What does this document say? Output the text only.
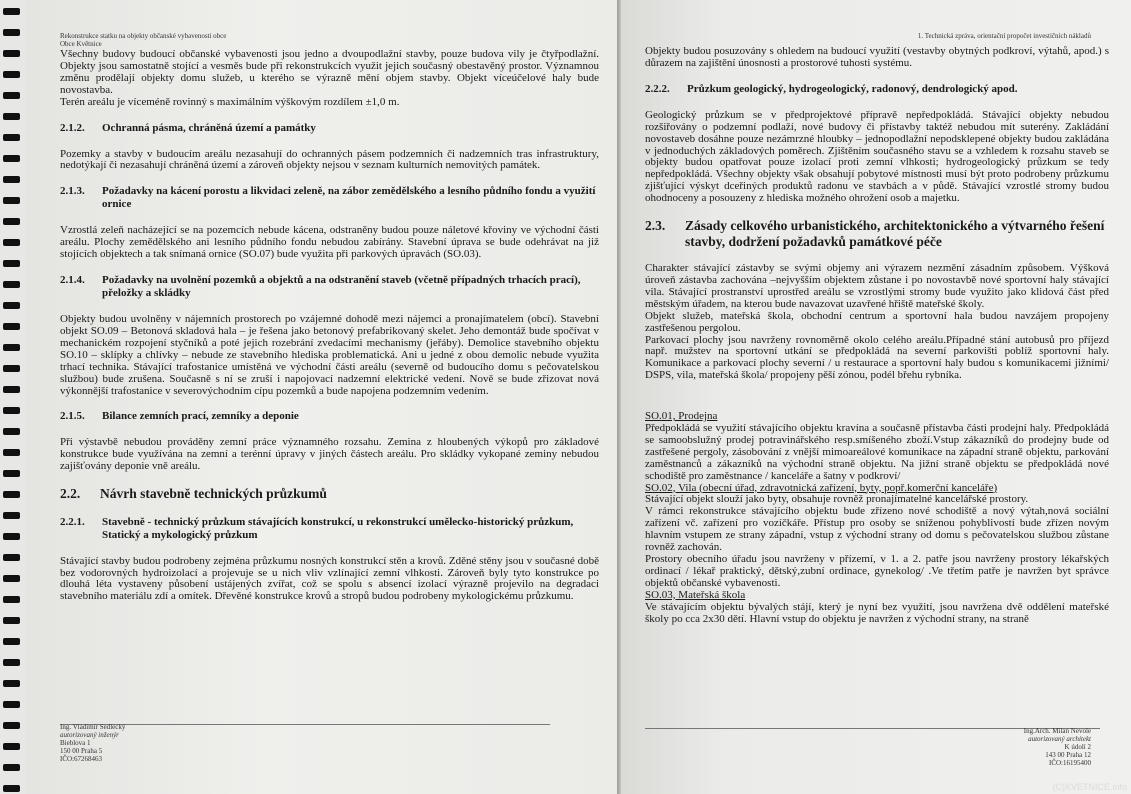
Rekonstrukce statku na objekty občanské vybavenosti obce
Obce Květnice

Všechny budovy budoucí občanské vybavenosti jsou jedno a dvoupodlažní stavby, pouze budova vily je čtyřpodlažní. Objekty jsou samostatně stojící a vesměs bude při rekonstrukcích využit jejich současný obestavěný prostor. Významnou změnu prodělají objekty domu služeb, u kterého se výrazně mění objem stavby. Objekt víceúčelové haly bude novostavba.

Terén areálu je víceméně rovinný s maximálním výškovým rozdílem ±1,0 m.

2.1.2.	Ochranná pásma, chráněná území a památky

Pozemky a stavby v budoucím areálu nezasahují do ochranných pásem podzemních či nadzemních tras infrastruktury, nedotýkají či nezasahují chráněná území a zároveň objekty nejsou v seznam kulturních nemovitých památek.

2.1.3.	Požadavky na kácení porostu a likvidaci zeleně, na zábor zemědělského a lesního půdního fondu a využití ornice

Vzrostlá zeleň nacházející se na pozemcích nebude kácena, odstraněny budou pouze náletové křoviny ve východní části areálu. Plochy zemědělského ani lesního půdního fondu nebudou zabírány. Stavební úprava se bude odehrávat na již stojících objektech a tak snímaná ornice (SO.07) bude využita při parkových úpravách (SO.03).

2.1.4.	Požadavky na uvolnění pozemků a objektů a na odstranění staveb (včetně případných trhacích prací), přeložky a skládky

Objekty budou uvolněny v nájemních prostorech po vzájemné dohodě mezi nájemci a pronajímatelem (obcí). Stavební objekt SO.09 – Betonová skladová hala – je řešena jako betonový prefabrikovaný skelet. Jeho demontáž bude spočívat v mechanickém rozpojení styčníků a poté jejich rozebrání zvedacími mechanismy (jeřáby). Demolice stavebního objektu SO.10 – sklípky a chlívky – nebude ze stavebního hlediska problematická. Ani u jedné z obou demolic nebude využita trhací technika. Stávající trafostanice umístěná ve východní části areálu (severně od budoucího domu s pečovatelskou službou) bude zrušena. Současně s ní se zruší i napojovací nadzemní elektrické vedení. Nově se bude zřizovat nová výkonnější trafostanice v severovýchodním cípu pozemků a bude napojena podzemním vedením.

2.1.5.	Bilance zemních prací, zemníky a deponie

Při výstavbě nebudou prováděny zemní práce významného rozsahu. Zemina z hloubených výkopů pro základové konstrukce bude využívána na zemní a terénní úpravy v jiných částech areálu. Pro skládky vykopané zeminy nebudou zajišťovány deponie vně areálu.

2.2.	Návrh stavebně technických průzkumů
2.2.1.	Stavebně - technický průzkum stávajících konstrukcí, u rekonstrukcí umělecko-historický průzkum, Statický a mykologický průzkum

Stávající stavby budou podrobeny zejména průzkumu nosných konstrukcí stěn a krovů. Zděné stěny jsou v současné době bez vodorovných hydroizolací a projevuje se u nich vliv vzlínající zemní vlhkosti. Zároveň byly tyto konstrukce po dlouhá léta vystaveny působení ustájených zvířat, což se spolu s absencí izolací výrazně projevilo na degradaci stavebního materiálu zdí a omítek. Dřevěné konstrukce krovů a stropů budou podrobeny mykologickému průzkumu.

Ing. Vladimír Sedlecký
autorizovaný inženýr
Bieblova 1
150 00 Praha 5
IČO:67268463
1. Technická zpráva, orientační propočet investičních nákladů

Objekty budou posuzovány s ohledem na budoucí využití (vestavby obytných podkroví, výtahů, apod.) s důrazem na zajištění únosnosti a prostorové tuhosti systému.

2.2.2.	Průzkum geologický, hydrogeologický, radonový, dendrologický apod.

Geologický průzkum se v předprojektové přípravě nepředpokládá. Stávající objekty nebudou rozšiřovány o podzemní podlaží, nové budovy či přístavby taktéž nebudou mít suterény. Zakládání novostaveb dosáhne pouze nezámrzné hloubky – jednopodlažní nepodsklepené objekty budou zakládána v jednoduchých základových poměrech. Zjištěním současného stavu se a vzhledem k rozsahu staveb se objekty budou opatřovat pouze izolací proti zemní vlhkosti; hydrogeologický průzkum se tedy nepředpokládá. Všechny objekty však obsahují pobytové místnosti musí být proto podrobeny průzkumu zjišťující výskyt dceřiných produktů radonu ve stavbách a v půdě. Stávající vzrostlé stromy budou ohodnoceny a posouzeny z hlediska možného ohrožení osob a majetku.

2.3.	Zásady celkového urbanistického, architektonického a výtvarného řešení stavby, dodržení požadavků památkové péče

Charakter stávající zástavby se svými objemy ani výrazem nezmění zásadním způsobem. Výšková úroveň zástavba zachována –nejvyšším objektem zůstane i po novostavbě nové sportovní haly stávající vila. Stávající prostranství uprostřed areálu se vzrostlými stromy bude využito jako klidová část před městským úřadem, na kterou bude navazovat uzavřené hřiště mateřské školy.

Objekt služeb, mateřská škola, obchodní centrum a sportovní hala budou navzájem propojeny zastřešenou pergolou.

Parkovací plochy jsou navrženy rovnoměrně okolo celého areálu.Případné stání autobusů pro příjezd např. mužstev na sportovní utkání se předpokládá na severní parkovišti poblíž sportovní haly. Komunikace a parkovací plochy severní / u restaurace a sportovní haly budou s komunikacemi jižními/ DSPS, vila, mateřská škola/ propojeny pěší zónou, podél břehu rybníka.

SO.01, Prodejna

Předpokládá se využití stávajícího objektu kravína a současně přístavba části prodejní haly. Předpokládá se samoobslužný prodej potravinářského resp.smíšeného zboží.Vstup zákazníků do prodejny bude od zastřešené pergoly, zásobování z vnější mimoareálové komunikace na západní straně objektu, parkování zaměstnanců a zákazníků na východní straně objektu. Na jižní straně objektu se předpokládá nové schodiště pro zaměstnance / kanceláře a šatny v podkroví/

SO.02, Vila (obecní úřad, zdravotnická zařízení, byty, popř.komerční kanceláře)

Stávající objekt slouží jako byty, obsahuje rovněž pronajímatelné kancelářské prostory.

V rámci rekonstrukce stávajícího objektu bude zřízeno nové schodiště a nový výtah,nová sociální zařízení vč. zařízení pro vozíčkáře. Přístup pro osoby se sníženou pohyblivostí bude zřízen novým hlavním vstupem ze strany západní, vstup z východní strany od domu s pečovatelskou službou zůstane rovněž zachován.

Prostory obecního úřadu jsou navrženy v přízemí, v 1. a 2. patře jsou navrženy prostory lékařských ordinací / lékař praktický, dětský,zubní ordinace, gynekolog/ .Ve třetím patře je navržen byt správce objektů občanské vybavenosti.

SO.03, Mateřská škola

Ve stávajícím objektu bývalých stájí, který je nyní bez využití, jsou navržena dvě oddělení mateřské školy po cca 2x30 dětí. Hlavní vstup do objektu je navržen z východní strany, na straně

Ing.Arch. Milan Nevole
autorizovaný architekt
K údolí 2
143 00 Praha 12
IČO:16195400
(C)KVETNICE.info
